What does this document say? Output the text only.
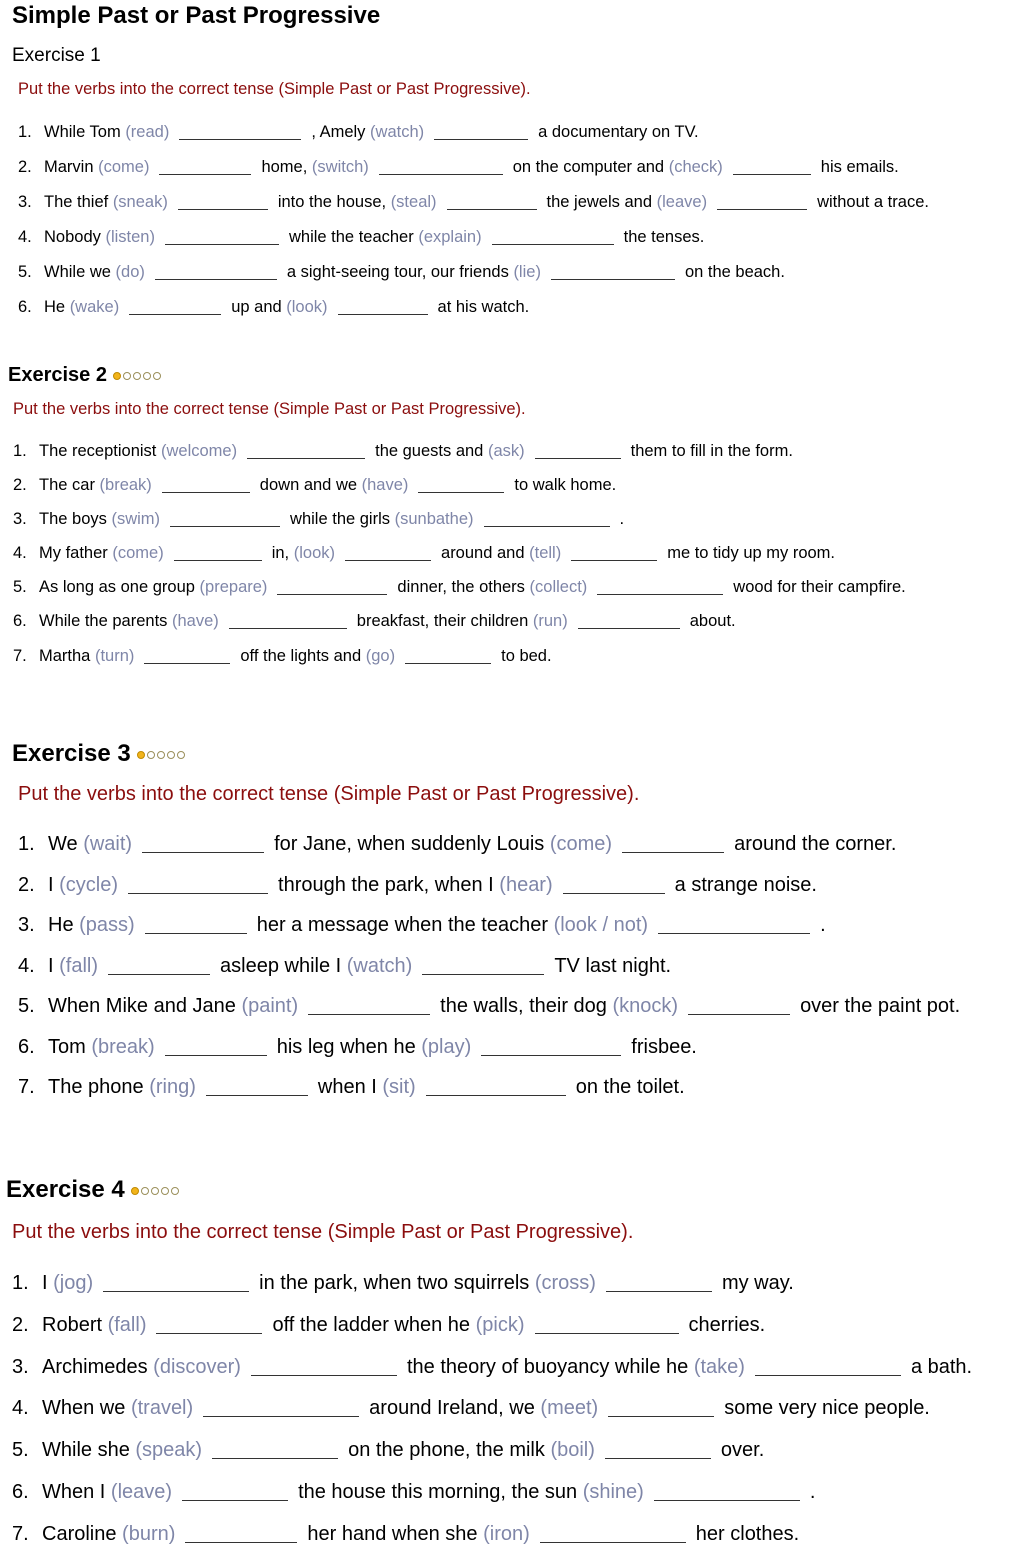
Simple Past or Past Progressive
Exercise 1
Put the verbs into the correct tense (Simple Past or Past Progressive).
1. While Tom
(read)	, Amely
(watch)	a documentary on TV.
2. Marvin
(come)	home,
(switch)	on the computer and
(check)	his emails.
3. The thief
(sneak)	into the house,
(steal)	the jewels and
(leave)	without a trace.
4. Nobody
(listen)	while the teacher
(explain)	the tenses.
5. While we
(do)	a sight-seeing tour, our friends
(lie)	on the beach.
6. He
(wake)	up and
(look)	at his watch.
Exercise 2
Put the verbs into the correct tense (Simple Past or Past Progressive).
1. The receptionist
(welcome)	the guests and
(ask)	them to fill in the form.
2. The car
(break)	down and we
(have)	to walk home.
3. The boys
(swim)	while the girls
(sunbathe)	.
4. My father
(come)	in,
(look)	around and
(tell)	me to tidy up my room.
5. As long as one group
(prepare)	dinner, the others
(collect)	wood for their campfire.
6. While the parents
(have)	breakfast, their children
(run)	about.
7. Martha
(turn)	off the lights and
(go)	to bed.
Exercise 3
Put the verbs into the correct tense (Simple Past or Past Progressive).
1. We
(wait)	for Jane, when suddenly Louis
(come)	around the corner.
2. I
(cycle)	through the park, when I
(hear)	a strange noise.
3. He
(pass)	her a message when the teacher
(look / not)	.
4. I
(fall)	asleep while I
(watch)	TV last night.
5. When Mike and Jane
(paint)	the walls, their dog
(knock)	over the paint pot.
6. Tom
(break)	his leg when he
(play)	frisbee.
7. The phone
(ring)	when I
(sit)	on the toilet.
Exercise 4
Put the verbs into the correct tense (Simple Past or Past Progressive).
1. I
(jog)	in the park, when two squirrels
(cross)	my way.
2. Robert
(fall)	off the ladder when he
(pick)	cherries.
3. Archimedes
(discover)	the theory of buoyancy while he
(take)	a bath.
4. When we
(travel)	around Ireland, we
(meet)	some very nice people.
5. While she
(speak)	on the phone, the milk
(boil)	over.
6. When I
(leave)	the house this morning, the sun
(shine)	.
7. Caroline
(burn)	her hand when she
(iron)	her clothes.
